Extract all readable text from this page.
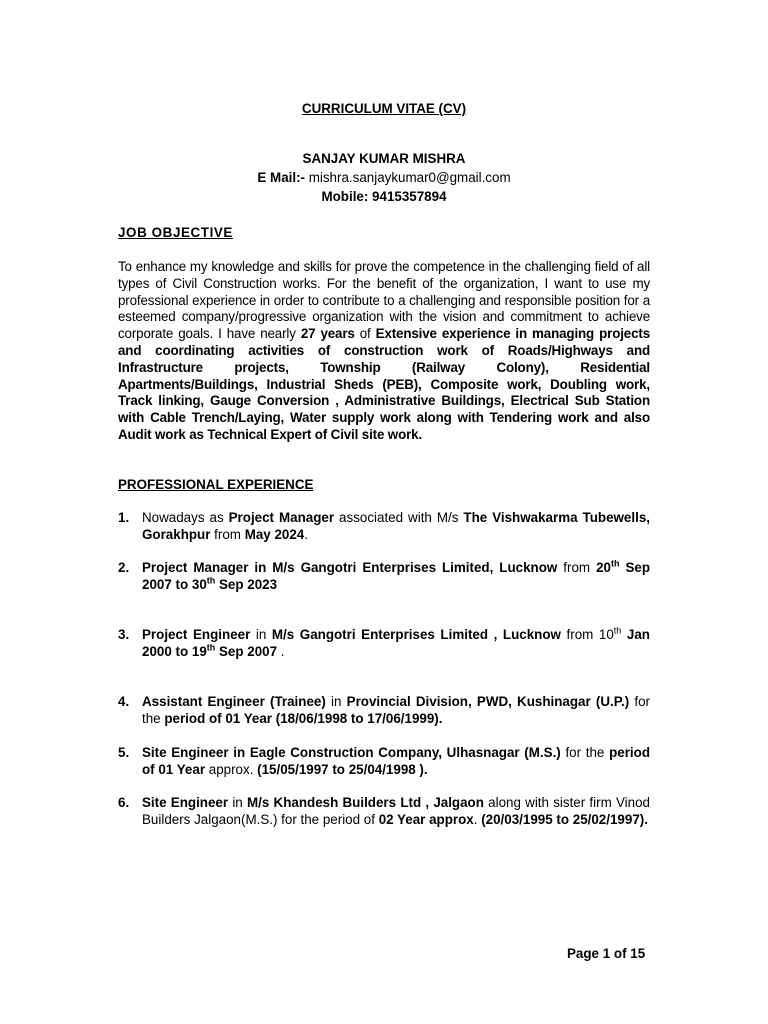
CURRICULUM VITAE (CV)
SANJAY KUMAR MISHRA
E Mail:- mishra.sanjaykumar0@gmail.com
Mobile: 9415357894
JOB OBJECTIVE
To enhance my knowledge and skills for prove the competence in the challenging field of all types of Civil Construction works. For the benefit of the organization, I want to use my professional experience in order to contribute to a challenging and responsible position for a esteemed company/progressive organization with the vision and commitment to achieve corporate goals. I have nearly 27 years of Extensive experience in managing projects and coordinating activities of construction work of Roads/Highways and Infrastructure projects, Township (Railway Colony), Residential Apartments/Buildings, Industrial Sheds (PEB), Composite work, Doubling work, Track linking, Gauge Conversion , Administrative Buildings, Electrical Sub Station with Cable Trench/Laying, Water supply work along with Tendering work and also Audit work as Technical Expert of Civil site work.
PROFESSIONAL EXPERIENCE
1. Nowadays as Project Manager associated with M/s The Vishwakarma Tubewells, Gorakhpur from May 2024.
2. Project Manager in M/s Gangotri Enterprises Limited, Lucknow from 20th Sep 2007 to 30th Sep 2023
3. Project Engineer in M/s Gangotri Enterprises Limited , Lucknow from 10th Jan 2000 to 19th Sep 2007 .
4. Assistant Engineer (Trainee) in Provincial Division, PWD, Kushinagar (U.P.) for the period of 01 Year (18/06/1998 to 17/06/1999).
5. Site Engineer in Eagle Construction Company, Ulhasnagar (M.S.) for the period of 01 Year approx. (15/05/1997 to 25/04/1998 ).
6. Site Engineer in M/s Khandesh Builders Ltd , Jalgaon along with sister firm Vinod Builders Jalgaon(M.S.) for the period of 02 Year approx. (20/03/1995 to 25/02/1997).
Page 1 of 15
